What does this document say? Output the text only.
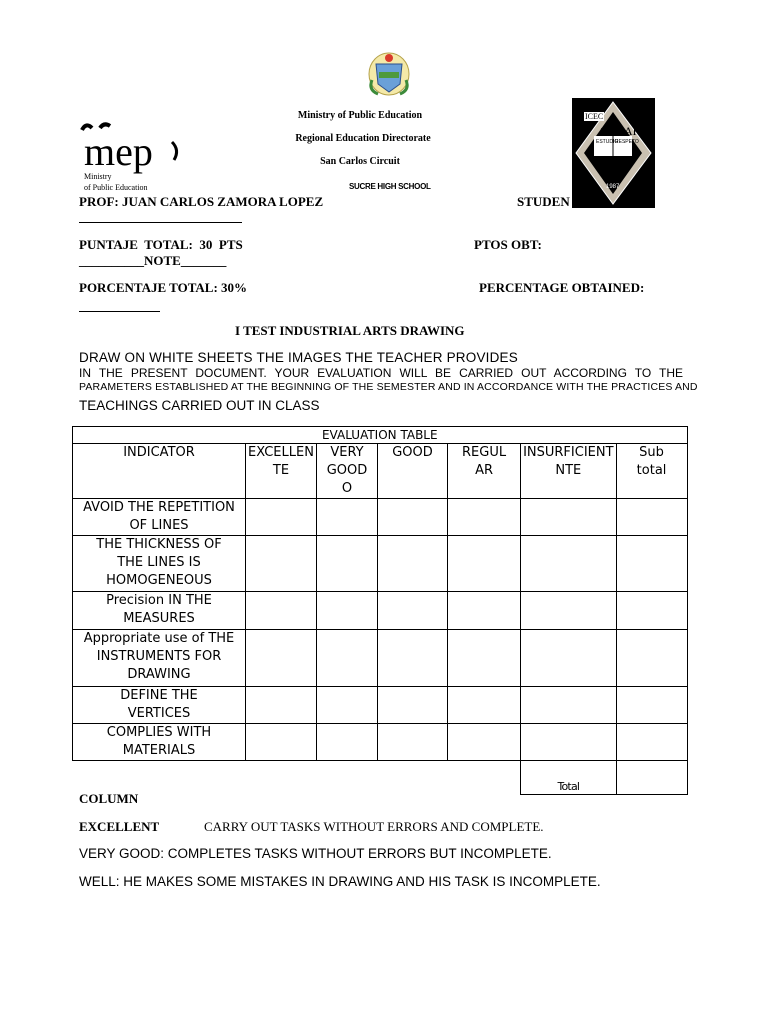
mep
Ministry
of Public Education
Ministry of Public Education
Regional Education Directorate
San Carlos Circuit
SUCRE HIGH SCHOOL
ICEC
SUGAR
ESTUDIO
RESPETO
1987
PROF: JUAN CARLOS ZAMORA LOPEZ	STUDEN
PUNTAJE  TOTAL:  30  PTS	PTOS OBT:
__________NOTE_______
PORCENTAJE TOTAL: 30%	PERCENTAGE OBTAINED:
I TEST INDUSTRIAL ARTS DRAWING
DRAW ON WHITE SHEETS THE IMAGES THE TEACHER PROVIDES
IN THE PRESENT DOCUMENT. YOUR EVALUATION WILL BE CARRIED OUT ACCORDING TO THE
PARAMETERS ESTABLISHED AT THE BEGINNING OF THE SEMESTER AND IN ACCORDANCE WITH THE PRACTICES AND
TEACHINGS CARRIED OUT IN CLASS
EVALUATION TABLE						
INDICATOR	EXCELLENTE	VERY GOOD O	GOOD	REGUL AR	INSURFICIENT NTE	Sub total
AVOID THE REPETITION OF LINES						
THE THICKNESS OF THE LINES IS HOMOGENEOUS						
Precision IN THE MEASURES						
Appropriate use of THE INSTRUMENTS FOR DRAWING						
DEFINE THE VERTICES						
COMPLIES WITH MATERIALS						
					Total	
COLUMN
EXCELLENT	CARRY OUT TASKS WITHOUT ERRORS AND COMPLETE.
VERY GOOD: COMPLETES TASKS WITHOUT ERRORS BUT INCOMPLETE.
WELL: HE MAKES SOME MISTAKES IN DRAWING AND HIS TASK IS INCOMPLETE.
